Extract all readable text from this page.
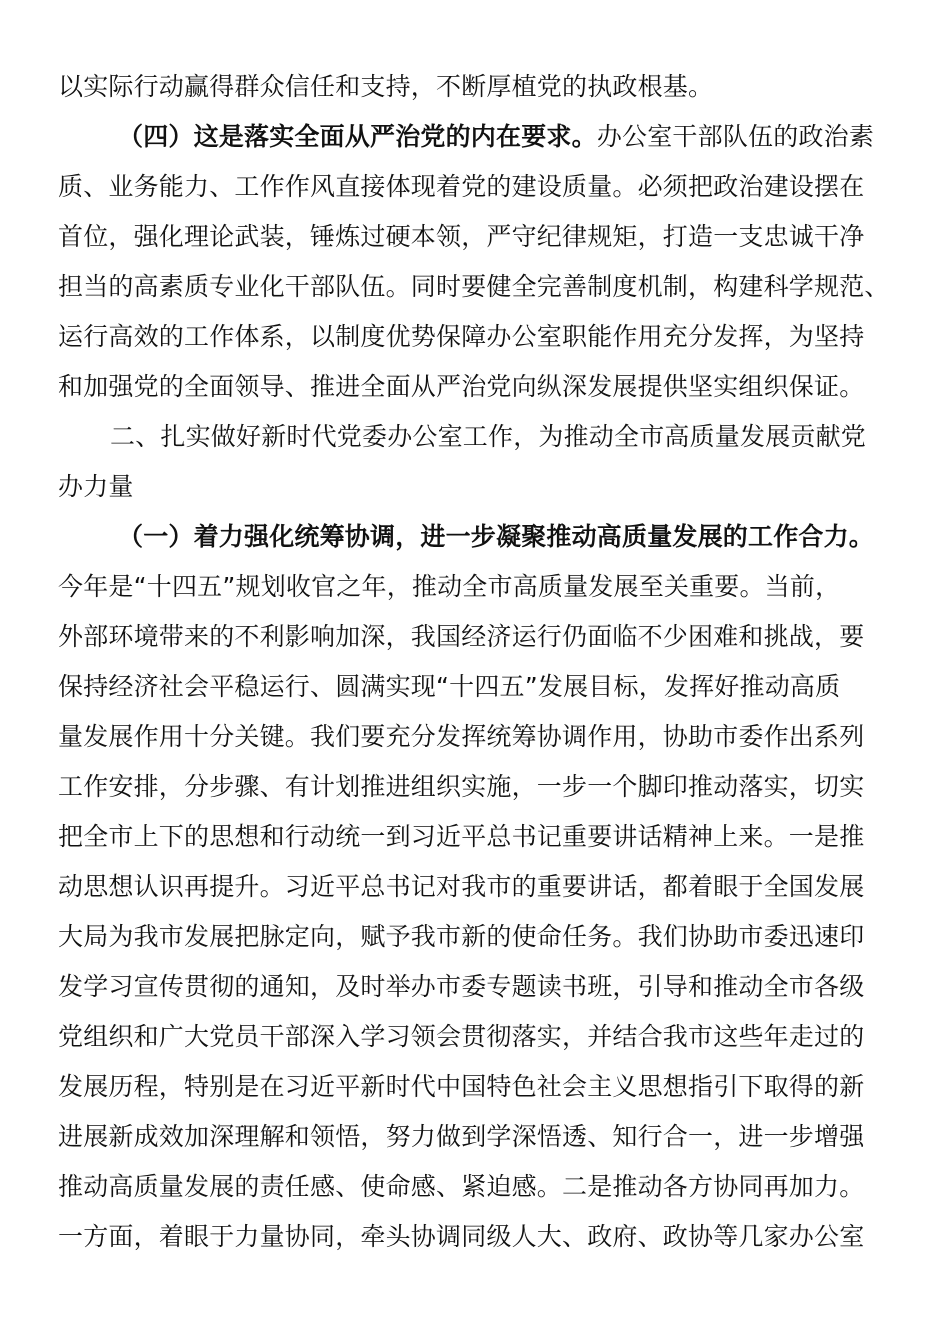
以实际行动赢得群众信任和支持，不断厚植党的执政根基。
（四）这是落实全面从严治党的内在要求。办公室干部队伍的政治素
质、业务能力、工作作风直接体现着党的建设质量。必须把政治建设摆在
首位，强化理论武装，锤炼过硬本领，严守纪律规矩，打造一支忠诚干净
担当的高素质专业化干部队伍。同时要健全完善制度机制，构建科学规范、
运行高效的工作体系，以制度优势保障办公室职能作用充分发挥，为坚持
和加强党的全面领导、推进全面从严治党向纵深发展提供坚实组织保证。
二、扎实做好新时代党委办公室工作，为推动全市高质量发展贡献党
办力量
（一）着力强化统筹协调，进一步凝聚推动高质量发展的工作合力。
今年是“十四五”规划收官之年，推动全市高质量发展至关重要。当前，
外部环境带来的不利影响加深，我国经济运行仍面临不少困难和挑战，要
保持经济社会平稳运行、圆满实现“十四五”发展目标，发挥好推动高质
量发展作用十分关键。我们要充分发挥统筹协调作用，协助市委作出系列
工作安排，分步骤、有计划推进组织实施，一步一个脚印推动落实，切实
把全市上下的思想和行动统一到习近平总书记重要讲话精神上来。一是推
动思想认识再提升。习近平总书记对我市的重要讲话，都着眼于全国发展
大局为我市发展把脉定向，赋予我市新的使命任务。我们协助市委迅速印
发学习宣传贯彻的通知，及时举办市委专题读书班，引导和推动全市各级
党组织和广大党员干部深入学习领会贯彻落实，并结合我市这些年走过的
发展历程，特别是在习近平新时代中国特色社会主义思想指引下取得的新
进展新成效加深理解和领悟，努力做到学深悟透、知行合一，进一步增强
推动高质量发展的责任感、使命感、紧迫感。二是推动各方协同再加力。
一方面，着眼于力量协同，牵头协调同级人大、政府、政协等几家办公室
